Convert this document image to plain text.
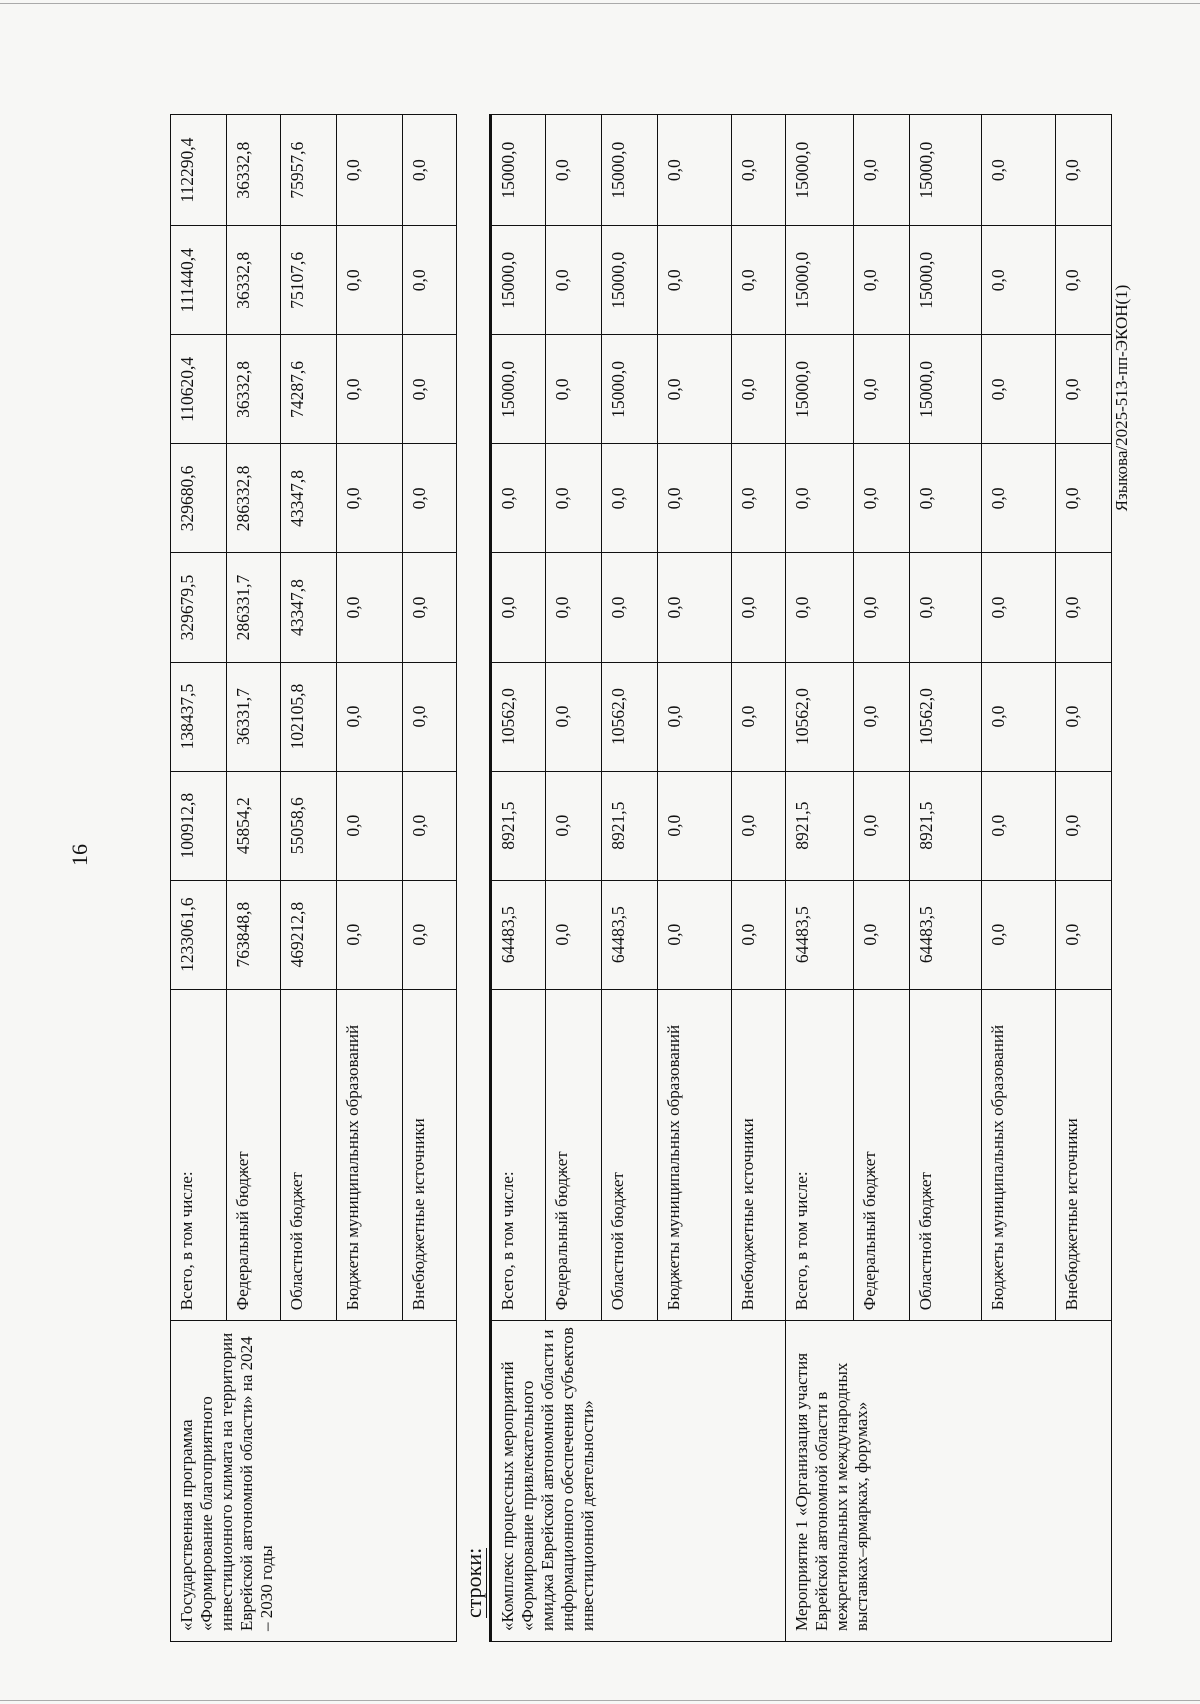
16
Языкова/2025-513-пп-ЭКОН(1)
«Государственная программа «Формирование благоприятного инвестиционного климата на территории Еврейской автономной области» на 2024 – 2030 годы	Всего, в том числе:	1233061,6	100912,8	138437,5	329679,5	329680,6	110620,4	111440,4	112290,4
	Федеральный бюджет	763848,8	45854,2	36331,7	286331,7	286332,8	36332,8	36332,8	36332,8
	Областной бюджет	469212,8	55058,6	102105,8	43347,8	43347,8	74287,6	75107,6	75957,6
	Бюджеты муниципальных образований	0,0	0,0	0,0	0,0	0,0	0,0	0,0	0,0
	Внебюджетные источники	0,0	0,0	0,0	0,0	0,0	0,0	0,0	0,0
строки: «Комплекс процессных мероприятий «Формирование привлекательного имиджа Еврейской автономной области и информационного обеспечения субъектов инвестиционной деятельности»	Всего, в том числе:	64483,5	8921,5	10562,0	0,0	0,0	15000,0	15000,0	15000,0
	Федеральный бюджет	0,0	0,0	0,0	0,0	0,0	0,0	0,0	0,0
	Областной бюджет	64483,5	8921,5	10562,0	0,0	0,0	15000,0	15000,0	15000,0
	Бюджеты муниципальных образований	0,0	0,0	0,0	0,0	0,0	0,0	0,0	0,0
	Внебюджетные источники	0,0	0,0	0,0	0,0	0,0	0,0	0,0	0,0
Мероприятие 1 «Организация участия Еврейской автономной области в межрегиональных и международных выставках–ярмарках, форумах»	Всего, в том числе:	64483,5	8921,5	10562,0	0,0	0,0	15000,0	15000,0	15000,0
	Федеральный бюджет	0,0	0,0	0,0	0,0	0,0	0,0	0,0	0,0
	Областной бюджет	64483,5	8921,5	10562,0	0,0	0,0	15000,0	15000,0	15000,0
	Бюджеты муниципальных образований	0,0	0,0	0,0	0,0	0,0	0,0	0,0	0,0
	Внебюджетные источники	0,0	0,0	0,0	0,0	0,0	0,0	0,0	0,0
